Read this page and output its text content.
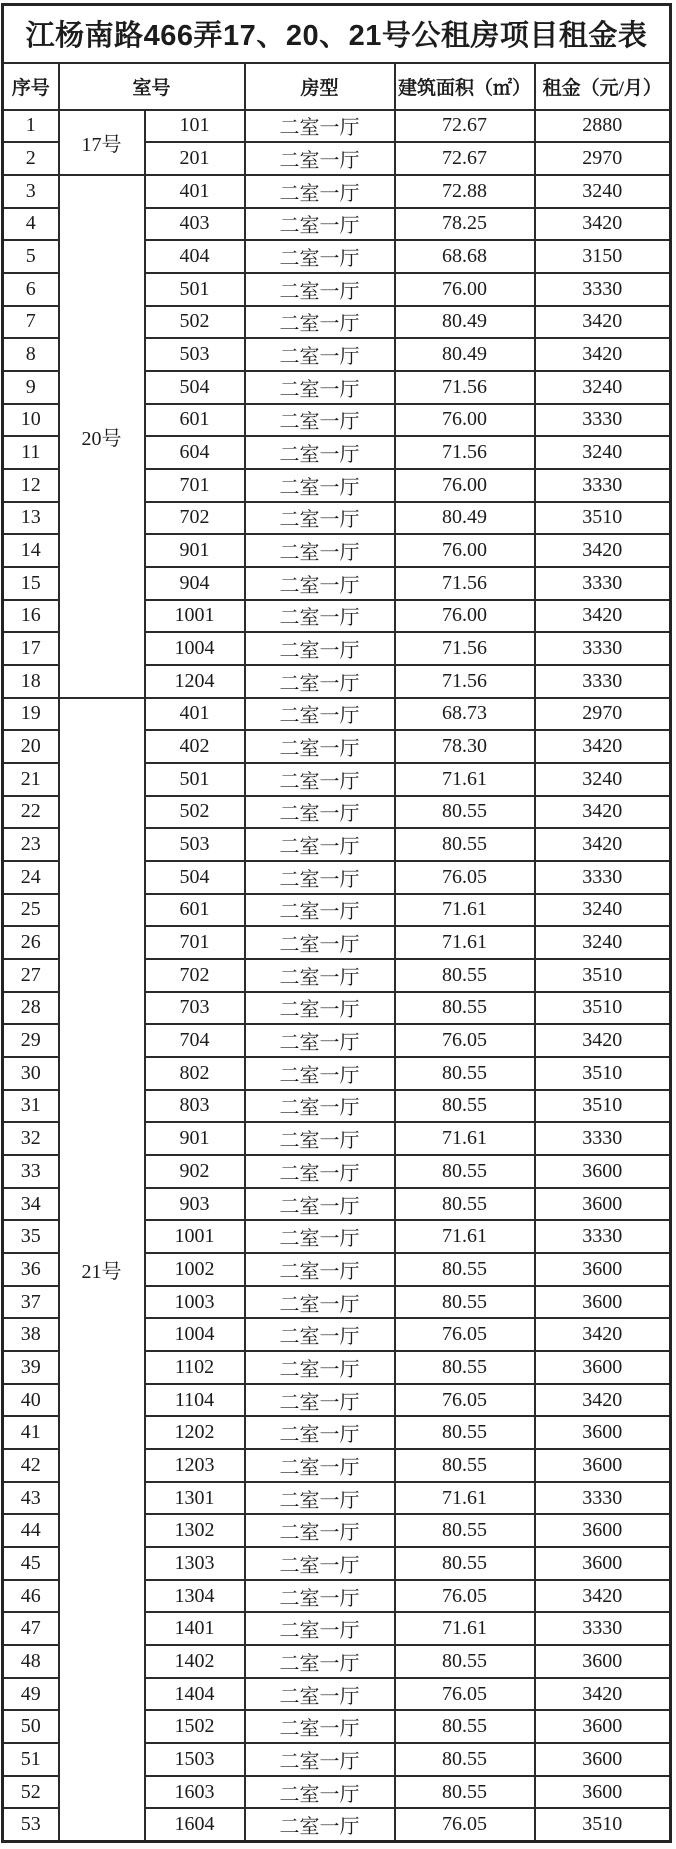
江杨南路466弄17、20、21号公租房项目租金表					
序号	室号		房型	建筑面积（㎡）	租金（元/月）
1	17号	101	二室一厅	72.67	2880
2		201	二室一厅	72.67	2970
3	20号	401	二室一厅	72.88	3240
4		403	二室一厅	78.25	3420
5		404	二室一厅	68.68	3150
6		501	二室一厅	76.00	3330
7		502	二室一厅	80.49	3420
8		503	二室一厅	80.49	3420
9		504	二室一厅	71.56	3240
10		601	二室一厅	76.00	3330
11		604	二室一厅	71.56	3240
12		701	二室一厅	76.00	3330
13		702	二室一厅	80.49	3510
14		901	二室一厅	76.00	3420
15		904	二室一厅	71.56	3330
16		1001	二室一厅	76.00	3420
17		1004	二室一厅	71.56	3330
18		1204	二室一厅	71.56	3330
19	21号	401	二室一厅	68.73	2970
20		402	二室一厅	78.30	3420
21		501	二室一厅	71.61	3240
22		502	二室一厅	80.55	3420
23		503	二室一厅	80.55	3420
24		504	二室一厅	76.05	3330
25		601	二室一厅	71.61	3240
26		701	二室一厅	71.61	3240
27		702	二室一厅	80.55	3510
28		703	二室一厅	80.55	3510
29		704	二室一厅	76.05	3420
30		802	二室一厅	80.55	3510
31		803	二室一厅	80.55	3510
32		901	二室一厅	71.61	3330
33		902	二室一厅	80.55	3600
34		903	二室一厅	80.55	3600
35		1001	二室一厅	71.61	3330
36		1002	二室一厅	80.55	3600
37		1003	二室一厅	80.55	3600
38		1004	二室一厅	76.05	3420
39		1102	二室一厅	80.55	3600
40		1104	二室一厅	76.05	3420
41		1202	二室一厅	80.55	3600
42		1203	二室一厅	80.55	3600
43		1301	二室一厅	71.61	3330
44		1302	二室一厅	80.55	3600
45		1303	二室一厅	80.55	3600
46		1304	二室一厅	76.05	3420
47		1401	二室一厅	71.61	3330
48		1402	二室一厅	80.55	3600
49		1404	二室一厅	76.05	3420
50		1502	二室一厅	80.55	3600
51		1503	二室一厅	80.55	3600
52		1603	二室一厅	80.55	3600
53		1604	二室一厅	76.05	3510
